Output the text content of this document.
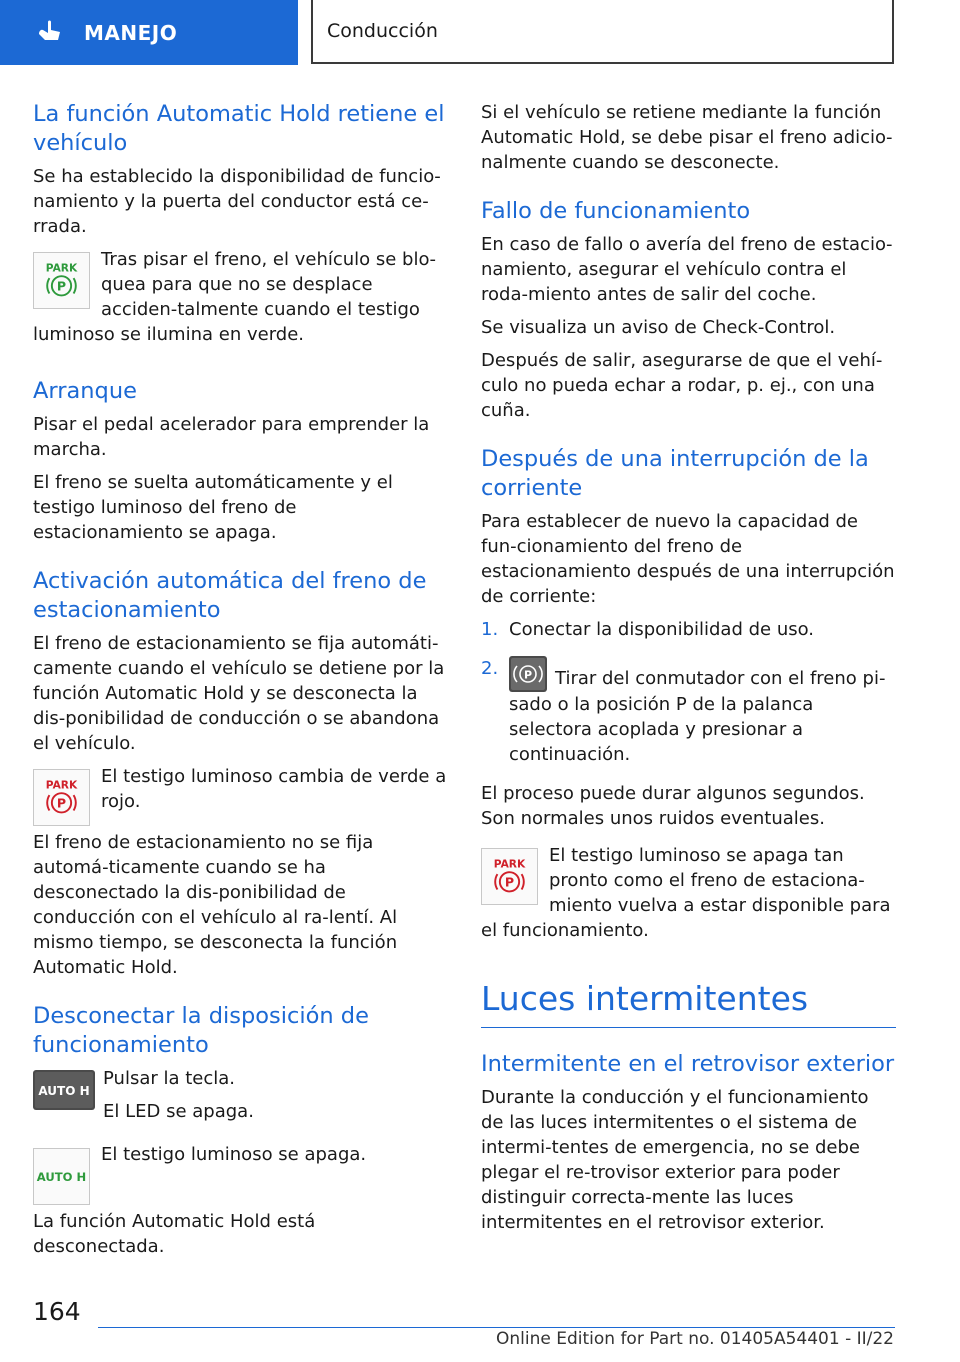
MANEJO	Conducción
La función Automatic Hold retiene el vehículo

Se ha establecido la disponibilidad de funcio‐namiento y la puerta del conductor está ce‐rrada.

PARK
P

Tras pisar el freno, el vehículo se blo‐quea para que no se desplace acciden‐talmente cuando el testigo luminoso se ilumina en verde.

Arranque

Pisar el pedal acelerador para emprender la marcha.

El freno se suelta automáticamente y el testigo luminoso del freno de estacionamiento se apaga.

Activación automática del freno de estacionamiento

El freno de estacionamiento se fija automáti‐camente cuando el vehículo se detiene por la función Automatic Hold y se desconecta la dis‐ponibilidad de conducción o se abandona el vehículo.

PARK
P

El testigo luminoso cambia de verde a rojo.

El freno de estacionamiento no se fija automá‐ticamente cuando se ha desconectado la dis‐ponibilidad de conducción con el vehículo al ra‐lentí. Al mismo tiempo, se desconecta la función Automatic Hold.

Desconectar la disposición de funcionamiento
AUTO H

Pulsar la tecla.

El LED se apaga.

AUTO H

El testigo luminoso se apaga.

La función Automatic Hold está desconectada.

Si el vehículo se retiene mediante la función Automatic Hold, se debe pisar el freno adicio‐nalmente cuando se desconecte.

Fallo de funcionamiento

En caso de fallo o avería del freno de estacio‐namiento, asegurar el vehículo contra el roda‐miento antes de salir del coche.

Se visualiza un aviso de Check-Control.

Después de salir, asegurarse de que el vehí‐culo no pueda echar a rodar, p. ej., con una cuña.

Después de una interrupción de la corriente

Para establecer de nuevo la capacidad de fun‐cionamiento del freno de estacionamiento después de una interrupción de corriente:

1. Conectar la disponibilidad de uso.
2. P Tirar del conmutador con el freno pi‐sado o la posición P de la palanca selectora acoplada y presionar a continuación.

El proceso puede durar algunos segundos. Son normales unos ruidos eventuales.

PARK
P

El testigo luminoso se apaga tan pronto como el freno de estaciona‐miento vuelva a estar disponible para el funcionamiento.

Luces intermitentes
Intermitente en el retrovisor exterior

Durante la conducción y el funcionamiento de las luces intermitentes o el sistema de intermi‐tentes de emergencia, no se debe plegar el re‐trovisor exterior para poder distinguir correcta‐mente las luces intermitentes en el retrovisor exterior.

164
Online Edition for Part no. 01405A54401 - II/22
